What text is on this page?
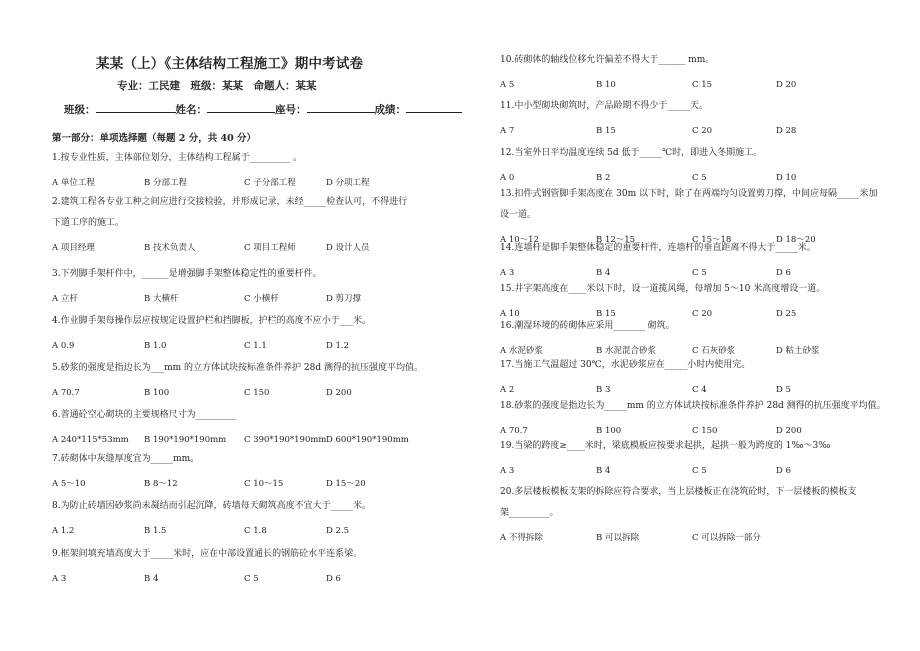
某某（上）《主体结构工程施工》期中考试卷
专业：工民建　班级：某某　命题人：某某
班级：	姓名：	座号：	成绩：
第一部分：单项选择题（每题 2 分，共 40 分）
1.按专业性质，主体部位划分，主体结构工程属于_________ 。
A 单位工程	B 分部工程	C 子分部工程	D 分项工程
2.建筑工程各专业工种之间应进行交接检验，并形成记录，未经_____检查认可，不得进行
下道工序的施工。
A 项目经理	B 技术负责人	C 项目工程师	D 设计人员
3.下列脚手架杆件中，______是增强脚手架整体稳定性的重要杆件。
A 立杆	B 大横杆	C 小横杆	D 剪刀撑
4.作业脚手架每操作层应按规定设置护栏和挡脚板，护栏的高度不应小于___米。
A 0.9	B 1.0	C 1.1	D 1.2
5.砂浆的强度是指边长为___mm 的立方体试块按标准条件养护 28d 测得的抗压强度平均值。
A 70.7	B 100	C 150	D 200
6.普通砼空心砌块的主要规格尺寸为_________
A 240*115*53mm B 190*190*190mm C 390*190*190mm D 600*190*190mm
7.砖砌体中灰缝厚度宜为_____mm。
A 5～10	B 8～12	C 10～15	D 15～20
8.为防止砖墙因砂浆尚未凝结而引起沉降，砖墙每天砌筑高度不宜大于_____米。
A 1.2	B 1.5	C 1.8	D 2.5
9.框架间填充墙高度大于_____米时，应在中部设置通长的钢筋砼水平连系梁。
A 3	B 4	C 5	D 6
10.砖砌体的轴线位移允许偏差不得大于______ mm。
A 5	B 10	C 15	D 20
11.中小型砌块砌筑时，产品龄期不得少于_____天。
A 7	B 15	C 20	D 28
12.当室外日平均温度连续 5d 低于_____℃时，即进入冬期施工。
A 0	B 2	C 5	D 10
13.扣件式钢管脚手架高度在 30m 以下时，除了在两端均匀设置剪刀撑，中间应每隔_____米加
设一道。
A 10～12	B 12～15	C 15～18	D 18～20
14.连墙杆是脚手架整体稳定的重要杆件，连墙杆的垂直距离不得大于_____米。
A 3	B 4	C 5	D 6
15.井字架高度在____米以下时，设一道揽风绳，每增加 5～10 米高度增设一道。
A 10	B 15	C 20	D 25
16.潮湿环境的砖砌体应采用_______ 砌筑。
A 水泥砂浆	B 水泥混合砂浆	C 石灰砂浆	D 粘土砂浆
17.当施工气温超过 30℃，水泥砂浆应在_____小时内使用完。
A 2	B 3	C 4	D 5
18.砂浆的强度是指边长为_____mm 的立方体试块按标准条件养护 28d 测得的抗压强度平均值。
A 70.7	B 100	C 150	D 200
19.当梁的跨度≥____米时，梁底模板应按要求起拱，起拱一般为跨度的 1‰～3‰
A 3	B 4	C 5	D 6
20.多层楼板模板支架的拆除应符合要求，当上层楼板正在浇筑砼时，下一层楼板的模板支
架_________。
A 不得拆除	B 可以拆除	C 可以拆除一部分
